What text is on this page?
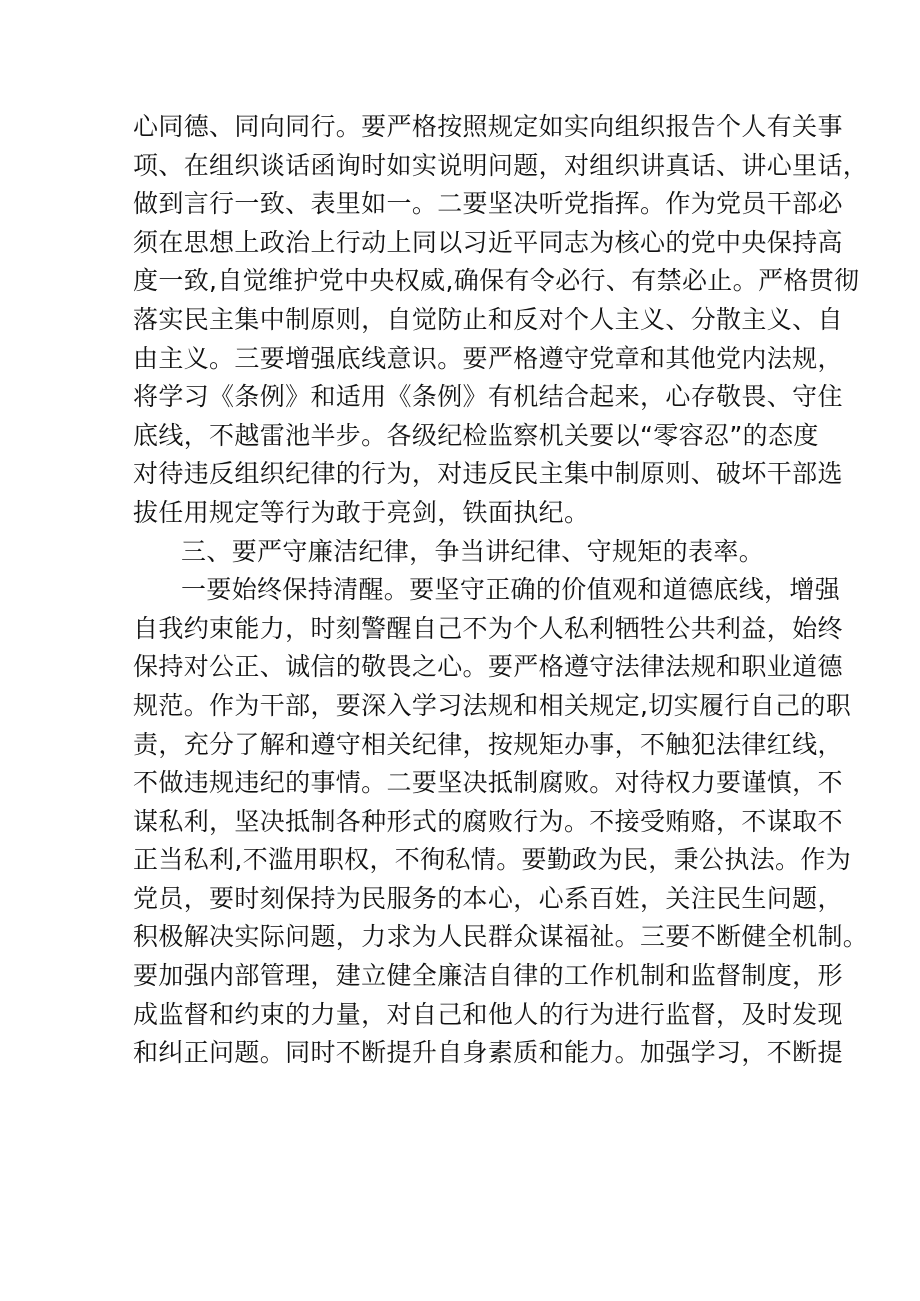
心同德、同向同行。要严格按照规定如实向组织报告个人有关事
项、在组织谈话函询时如实说明问题，对组织讲真话、讲心里话，
做到言行一致、表里如一。二要坚决听党指挥。作为党员干部必
须在思想上政治上行动上同以习近平同志为核心的党中央保持高
度一致,自觉维护党中央权威,确保有令必行、有禁必止。严格贯彻
落实民主集中制原则，自觉防止和反对个人主义、分散主义、自
由主义。三要增强底线意识。要严格遵守党章和其他党内法规，
将学习《条例》和适用《条例》有机结合起来，心存敬畏、守住
底线，不越雷池半步。各级纪检监察机关要以“零容忍”的态度
对待违反组织纪律的行为，对违反民主集中制原则、破坏干部选
拔任用规定等行为敢于亮剑，铁面执纪。
三、要严守廉洁纪律，争当讲纪律、守规矩的表率。
一要始终保持清醒。要坚守正确的价值观和道德底线，增强
自我约束能力，时刻警醒自己不为个人私利牺牲公共利益，始终
保持对公正、诚信的敬畏之心。要严格遵守法律法规和职业道德
规范。作为干部，要深入学习法规和相关规定,切实履行自己的职
责，充分了解和遵守相关纪律，按规矩办事，不触犯法律红线，
不做违规违纪的事情。二要坚决抵制腐败。对待权力要谨慎，不
谋私利，坚决抵制各种形式的腐败行为。不接受贿赂，不谋取不
正当私利,不滥用职权，不徇私情。要勤政为民，秉公执法。作为
党员，要时刻保持为民服务的本心，心系百姓，关注民生问题，
积极解决实际问题，力求为人民群众谋福祉。三要不断健全机制。
要加强内部管理，建立健全廉洁自律的工作机制和监督制度，形
成监督和约束的力量，对自己和他人的行为进行监督，及时发现
和纠正问题。同时不断提升自身素质和能力。加强学习，不断提
